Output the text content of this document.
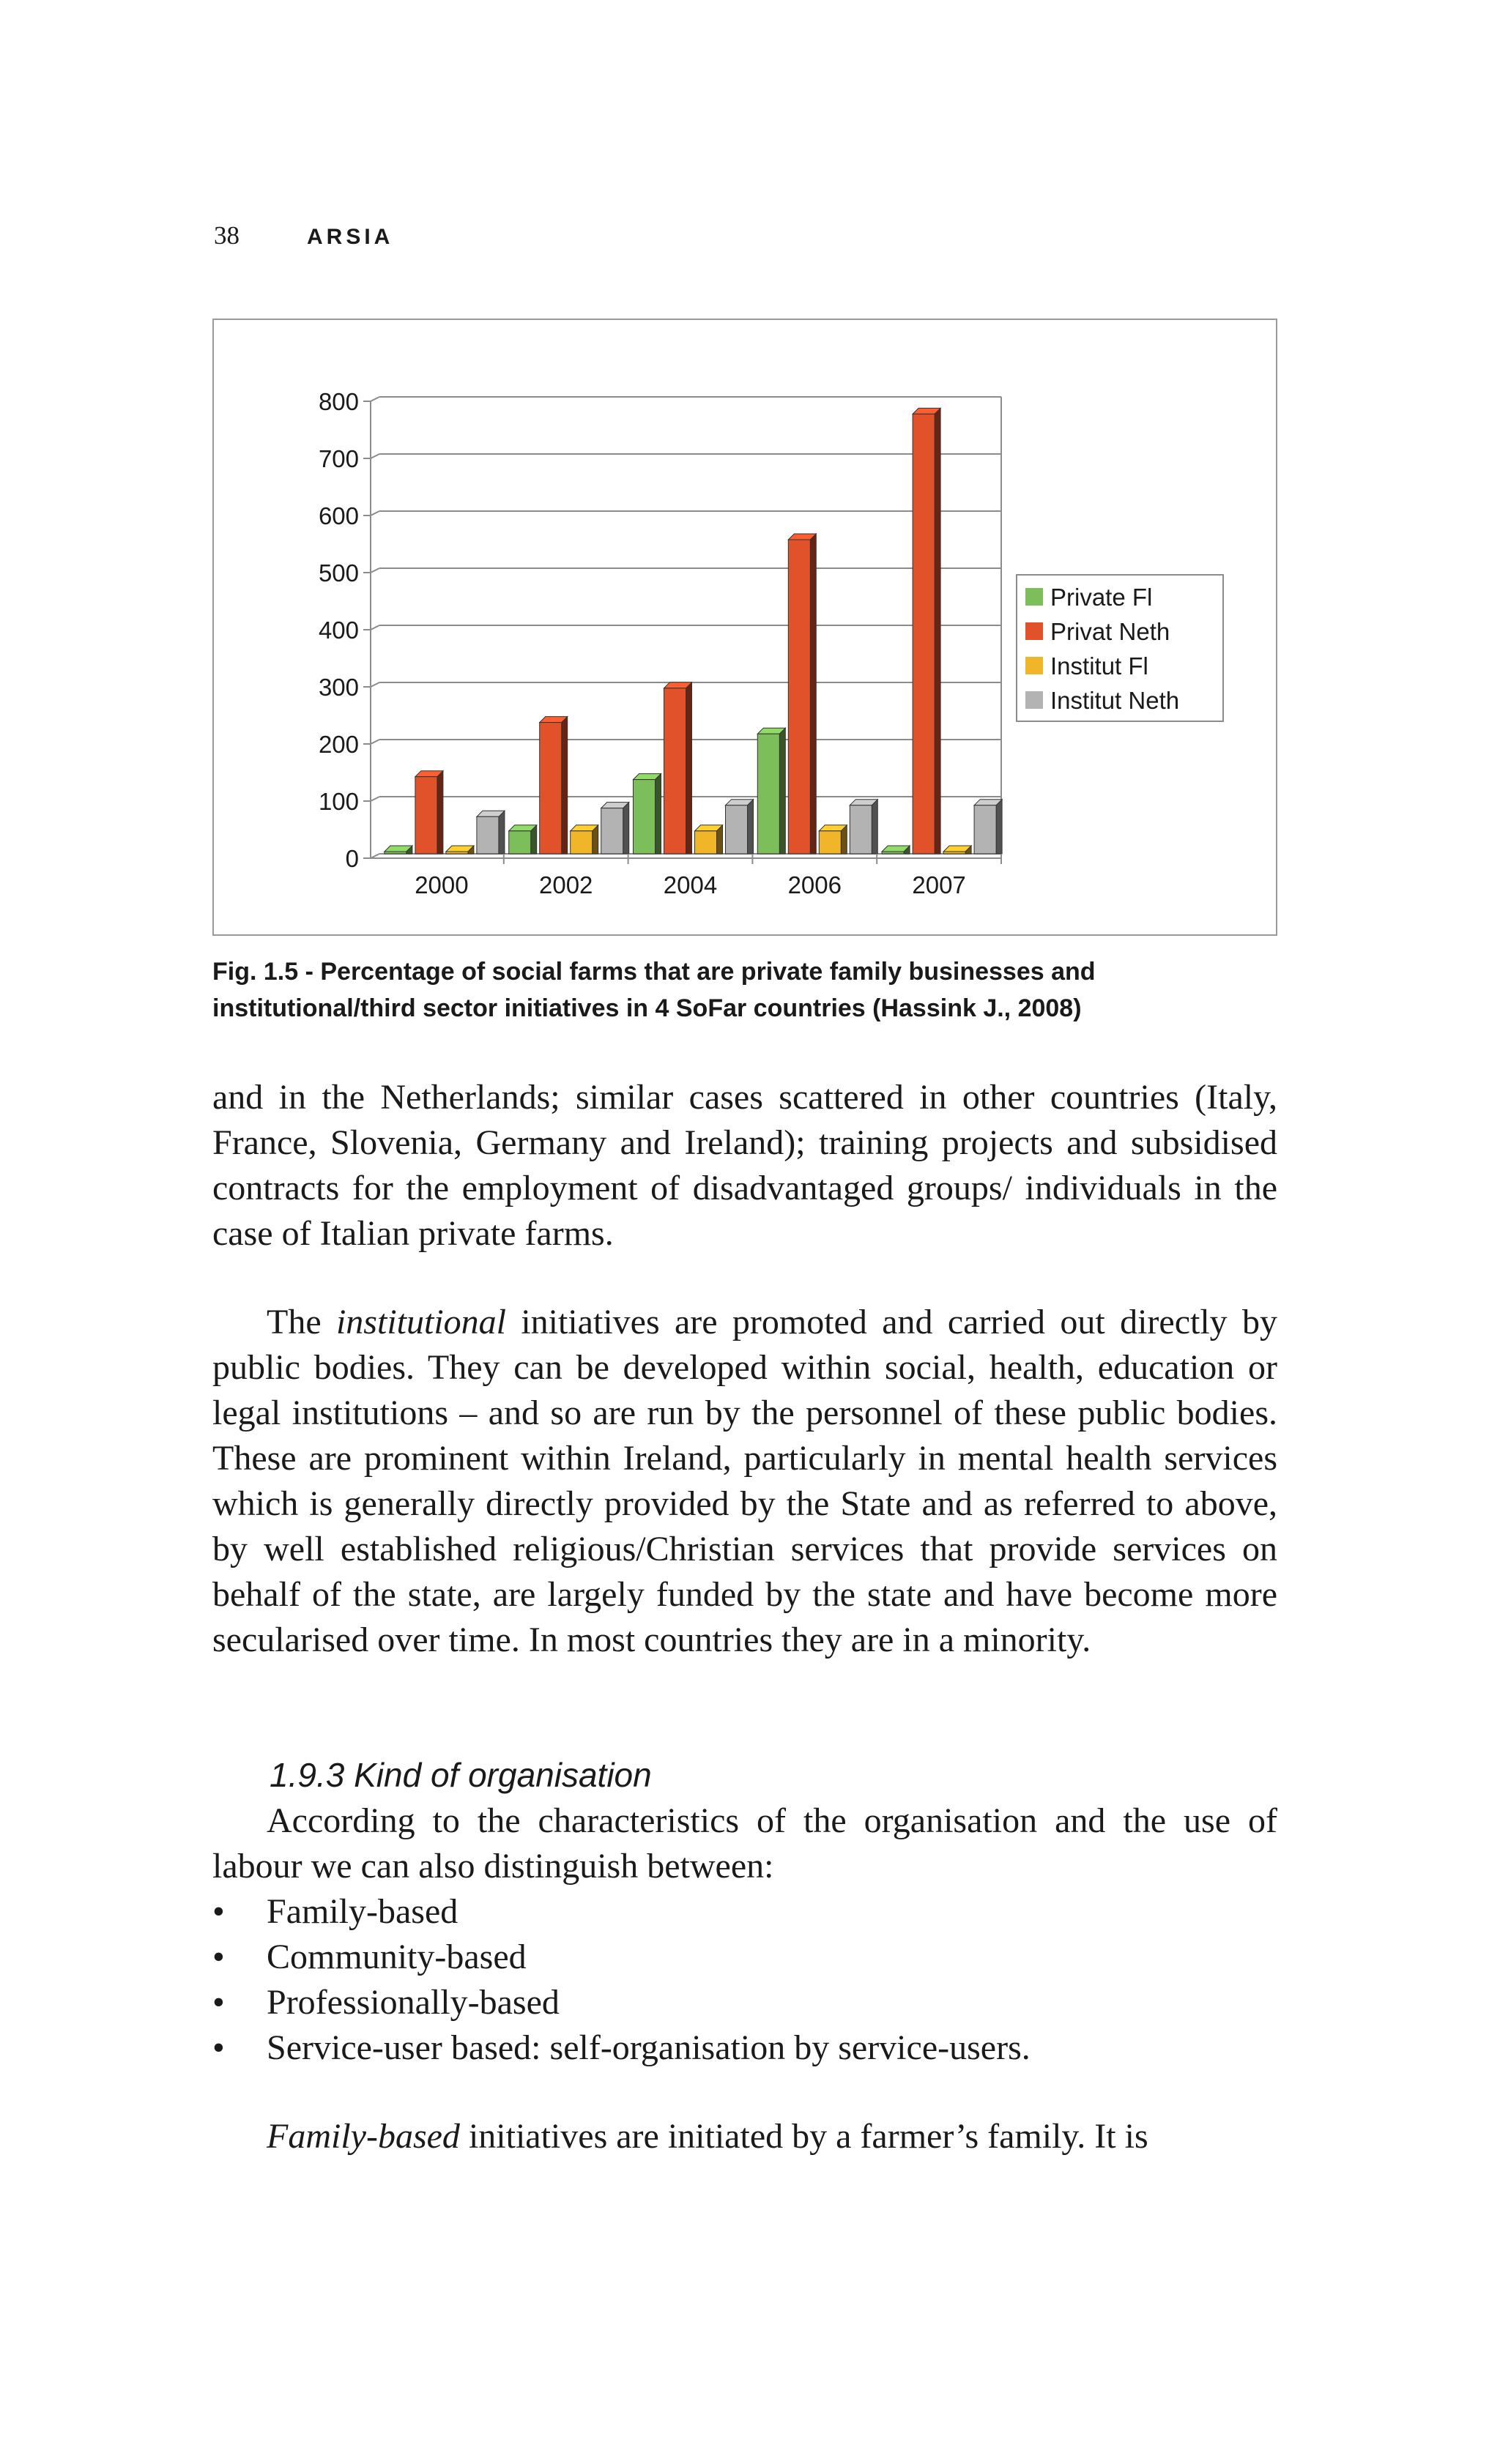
38	ARSIA
0
100
200
300
400
500
600
700
800
2000	2002	2004	2006	2007
Private Fl
Privat Neth
Institut Fl
Institut Neth
Fig. 1.5 - Percentage of social farms that are private family businesses and
institutional/third sector initiatives in 4 SoFar countries (Hassink J., 2008)

and in the Netherlands; similar cases scattered in other countries (Italy, France, Slovenia, Germany and Ireland); training projects and subsidised contracts for the employment of disadvantaged groups/ individuals in the case of Italian private farms.

The institutional initiatives are promoted and carried out directly by public bodies. They can be developed within social, health, education or legal institutions – and so are run by the personnel of these public bodies. These are prominent within Ireland, particularly in mental health services which is generally directly provided by the State and as referred to above, by well established religious/Christian services that provide services on behalf of the state, are largely funded by the state and have become more secularised over time. In most countries they are in a minority.

1.9.3 Kind of organisation

According to the characteristics of the organisation and the use of labour we can also distinguish between:

•	Family-based
•	Community-based
•	Professionally-based
•	Service-user based: self-organisation by service-users.

Family-based initiatives are initiated by a farmer’s family. It is
